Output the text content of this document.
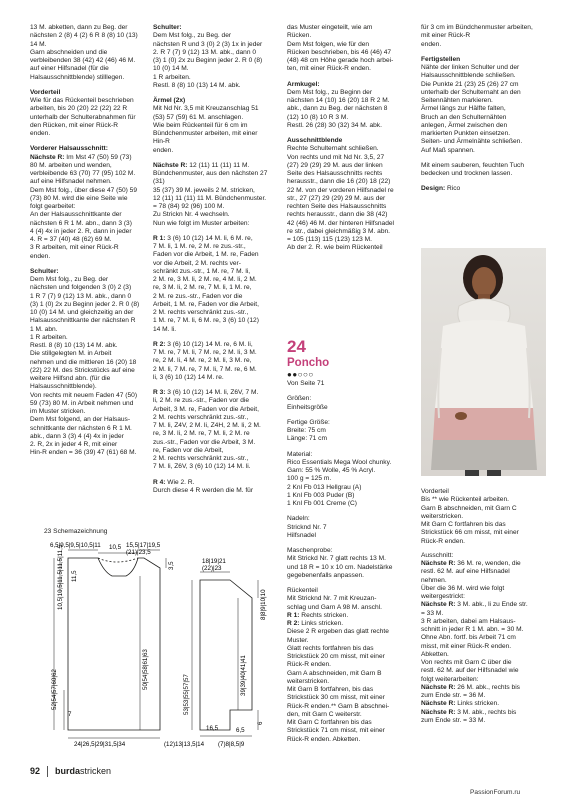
13 M. abketten, dann zu Beg. der
nächsten 2 (8) 4 (2) 6 R 8 (8) 10 (13)
14 M.
Garn abschneiden und die
verbleibenden 38 (42) 42 (46) 46 M.
auf einer Hilfsnadel (für die
Halsausschnittblende) stilllegen.

Vorderteil

Wie für das Rückenteil beschrieben
arbeiten, bis 20 (20) 22 (22) 22 R
unterhalb der Schulterabnahmen für
den Rücken, mit einer Rück-R
enden.

Vorderer Halsausschnitt:

Nächste R: Im Mst 47 (50) 59 (73)
80 M. arbeiten und wenden,
verbleibende 63 (70) 77 (95) 102 M.
auf eine Hilfsnadel nehmen.
Dem Mst folg., über diese 47 (50) 59
(73) 80 M. wird die eine Seite wie
folgt gearbeitet:
An der Halsausschnittkante der
nächsten 6 R 1 M. abn., dann 3 (3)
4 (4) 4x in jeder 2. R, dann in jeder
4. R = 37 (40) 48 (62) 69 M.
3 R arbeiten, mit einer Rück-R
enden.

Schulter:

Dem Mst folg., zu Beg. der
nächsten und folgenden 3 (0) 2 (3)
1 R 7 (7) 9 (12) 13 M. abk., dann 0
(3) 1 (0) 2x zu Beginn jeder 2. R 0 (8)
10 (0) 14 M. und gleichzeitig an der
Halsausschnittkante der nächsten R
1 M. abn.
1 R arbeiten.
Restl. 8 (8) 10 (13) 14 M. abk.
Die stillgelegten M. in Arbeit
nehmen und die mittleren 16 (20) 18
(22) 22 M. des Strickstücks auf eine
weitere Hilfsnd abn. (für die
Halsausschnittblende).
Von rechts mit neuem Faden 47 (50)
59 (73) 80 M. in Arbeit nehmen und
im Muster stricken.
Dem Mst folgend, an der Halsaus-
schnittkante der nächsten 6 R 1 M.
abk., dann 3 (3) 4 (4) 4x in jeder
2. R, 2x in jeder 4 R, mit einer
Hin-R enden = 36 (39) 47 (61) 68 M.

Schulter:

Dem Mst folg., zu Beg. der
nächsten R und 3 (0) 2 (3) 1x in jeder
2. R 7 (7) 9 (12) 13 M. abk., dann 0
(3) 1 (0) 2x zu Beginn jeder 2. R 0 (8)
10 (0) 14 M.
1 R arbeiten.
Restl. 8 (8) 10 (13) 14 M. abk.

Ärmel (2x)

Mit Nd Nr. 3,5 mit Kreuzanschlag 51
(53) 57 (59) 61 M. anschlagen.
Wie beim Rückenteil für 6 cm im
Bündchenmuster arbeiten, mit einer Hin-R
enden.

Nächste R: 12 (11) 11 (11) 11 M.
Bündchenmuster, aus den nächsten 27 (31)
35 (37) 39 M. jeweils 2 M. stricken,
12 (11) 11 (11) 11 M. Bündchenmuster.
= 78 (84) 92 (96) 100 M.
Zu Strickn Nr. 4 wechseln.
Nun wie folgt im Muster arbeiten:

R 1: 3 (6) 10 (12) 14 M. li, 6 M. re,
7 M. li, 1 M. re, 2 M. re zus.-str.,
Faden vor die Arbeit, 1 M. re, Faden
vor die Arbeit, 2 M. rechts ver-
schränkt zus.-str., 1 M. re, 7 M. li,
2 M. re, 3 M. li, 2 M. re, 4 M. li, 2 M.
re, 3 M. li, 2 M. re, 7 M. li, 1 M. re,
2 M. re zus.-str., Faden vor die
Arbeit, 1 M. re, Faden vor die Arbeit,
2 M. rechts verschränkt zus.-str.,
1 M. re, 7 M. li, 6 M. re, 3 (6) 10 (12)
14 M. li.

R 2: 3 (6) 10 (12) 14 M. re, 6 M. li,
7 M. re, 7 M. li, 7 M. re, 2 M. li, 3 M.
re, 2 M. li, 4 M. re, 2 M. li, 3 M. re,
2 M. li, 7 M. re, 7 M. li, 7 M. re, 6 M.
li, 3 (6) 10 (12) 14 M. re.

R 3: 3 (6) 10 (12) 14 M. li, Z6V, 7 M.
li, 2 M. re zus.-str., Faden vor die
Arbeit, 3 M. re, Faden vor die Arbeit,
2 M. rechts verschränkt zus.-str.,
7 M. li, Z4V, 2 M. li, Z4H, 2 M. li, 2 M.
re, 3 M. li, 2 M. re, 7 M. li, 2 M. re
zus.-str., Faden vor die Arbeit, 3 M.
re, Faden vor die Arbeit,
2 M. rechts verschränkt zus.-str.,
7 M. li, Z6V, 3 (6) 10 (12) 14 M. li.

R 4: Wie 2. R.
Durch diese 4 R werden die M. für

das Muster eingeteilt, wie am
Rücken.
Dem Mst folgen, wie für den
Rücken beschrieben, bis 46 (46) 47
(48) 48 cm Höhe gerade hoch arbei-
ten, mit einer Rück-R enden.

Armkugel:

Dem Mst folg., zu Beginn der
nächsten 14 (10) 16 (20) 18 R 2 M.
abk., dann zu Beg. der nächsten 8
(12) 10 (8) 10 R 3 M.
Restl. 26 (28) 30 (32) 34 M. abk.

Ausschnittblende

Rechte Schulternaht schließen.
Von rechts und mit Nd Nr. 3,5, 27
(27) 29 (29) 29 M. aus der linken
Seite des Halsausschnitts rechts
herausstr., dann die 16 (20) 18 (22)
22 M. von der vorderen Hilfsnadel re
str., 27 (27) 29 (29) 29 M. aus der
rechten Seite des Halsausschnitts
rechts herausstr., dann die 38 (42)
42 (46) 46 M. der hinteren Hilfsnadel
re str., dabei gleichmäßig 3 M. abn.
= 105 (113) 115 (123) 123 M.
Ab der 2. R. wie beim Rückenteil

24
Poncho
●●○○○

Von Seite 71

Größen:

Einheitsgröße

Fertige Größe:

Breite: 75 cm
Länge: 71 cm

Material:

Rico Essentials Mega Wool chunky.
Garn: 55 % Wolle, 45 % Acryl.
100 g = 125 m.
2 Knl Fb 013 Hellgrau (A)
1 Knl Fb 003 Puder (B)
1 Knl Fb 001 Creme (C)

Nadeln:

Stricknd Nr. 7
Hilfsnadel

Maschenprobe:

Mit Strickd Nr. 7 glatt rechts 13 M.
und 18 R = 10 x 10 cm. Nadelstärke
gegebenenfalls anpassen.

Rückenteil

Mit Stricknd Nr. 7 mit Kreuzan-
schlag und Garn A 98 M. anschl.
R 1: Rechts stricken.
R 2: Links stricken.
Diese 2 R ergeben das glatt rechte
Muster.
Glatt rechts fortfahren bis das
Strickstück 20 cm misst, mit einer
Rück-R enden.
Garn A abschneiden, mit Garn B
weiterstricken.
Mit Garn B fortfahren, bis das
Strickstück 30 cm misst, mit einer
Rück-R enden.** Garn B abschnei-
den, mit Garn C weiterstr.
Mit Garn C fortfahren bis das
Strickstück 71 cm misst, mit einer
Rück-R enden. Abketten.

für 3 cm im Bündchenmuster arbeiten,
mit einer Rück-R
enden.

Fertigstellen

Nähte der linken Schulter und der
Halsausschnittblende schließen.
Die Punkte 21 (23) 25 (26) 27 cm
unterhalb der Schulternaht an den
Seitennähten markieren.
Ärmel längs zur Hälfte falten,
Bruch an den Schulternähten
anlegen, Ärmel zwischen den
markierten Punkten einsetzen.
Seiten- und Ärmelnähte schließen.
Auf Maß spannen.

Mit einem sauberen, feuchten Tuch
bedecken und trocknen lassen.

Design: Rico

Vorderteil

Bis ** wie Rückenteil arbeiten.
Garn B abschneiden, mit Garn C
weiterstricken.
Mit Garn C fortfahren bis das
Strickstück 66 cm misst, mit einer
Rück-R enden.

Ausschnitt:

Nächste R: 36 M. re, wenden, die
restl. 62 M. auf eine Hilfsnadel
nehmen.
Über die 36 M. wird wie folgt
weitergestrickt:
Nächste R: 3 M. abk., li zu Ende str.
= 33 M.
3 R arbeiten, dabei am Halsaus-
schnitt in jeder R 1 M. abn. = 30 M.
Ohne Abn. fortf. bis Arbeit 71 cm
misst, mit einer Rück-R enden.
Abketten.
Von rechts mit Garn C über die
restl. 62 M. auf der Hilfsnadel wie
folgt weiterarbeiten:
Nächste R: 26 M. abk., rechts bis
zum Ende str. = 36 M.
Nächste R: Links stricken.
Nächste R: 3 M. abk., rechts bis
zum Ende str. = 33 M.

23 Schemazeichnung
6,5|9,5|9,5|10,5|11 10,5 15,5|17|19,5
(21)|23,5
10,5|10,5|11,5|11,5|11,5
52|54|57|60|62
11,5
50|54|58|61|63
3,5
7
24|26,5|29|31,5|34
18|19|21
(22)|23
53|53|55|57|57	39|39|40|41|41
8|8|9|10|10
6
16,5	6,5
(12)13|13,5|14 (7)8|8,5|9
92 burdastricken
PassionForum.ru
